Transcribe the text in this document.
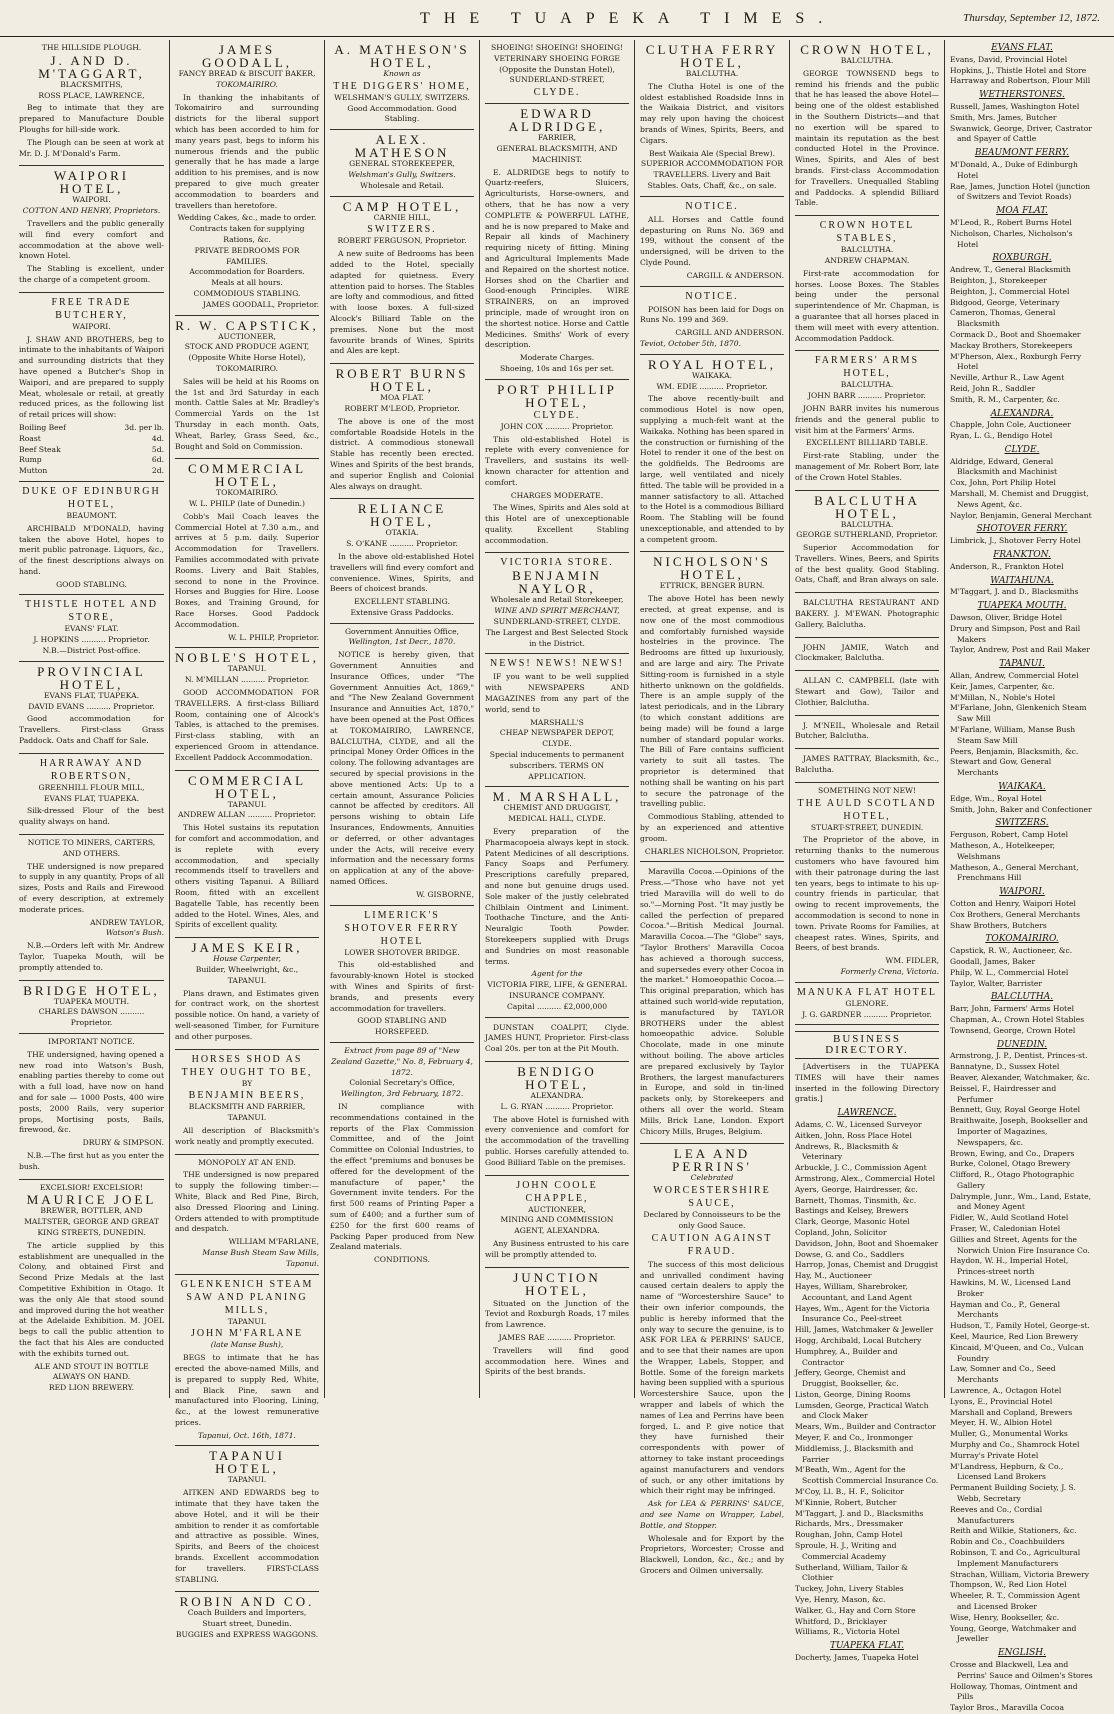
THE TUAPEKA TIMES.	Thursday, September 12, 1872.
THE HILLSIDE PLOUGH.
J. AND D. M'TAGGART,
BLACKSMITHS,
ROSS PLACE, LAWRENCE,
Beg to intimate that they are prepared to Manufacture Double Ploughs for hill-side work.
The Plough can be seen at work at Mr. D. J. M'Donald's Farm.
WAIPORI HOTEL,
WAIPORI.
COTTON AND HENRY, Proprietors.
Travellers and the public generally will find every comfort and accommodation at the above well-known Hotel.
The Stabling is excellent, under the charge of a competent groom.
FREE TRADE BUTCHERY,
WAIPORI.
J. SHAW AND BROTHERS, beg to intimate to the inhabitants of Waipori and surrounding districts that they have opened a Butcher's Shop in Waipori, and are prepared to supply Meat, wholesale or retail, at greatly reduced prices, as the following list of retail prices will show:
Boiling Beef	3d. per lb.
Roast	4d.
Beef Steak	5d.
Rump	6d.
Mutton	2d.
DUKE OF EDINBURGH HOTEL,
BEAUMONT.
ARCHIBALD M'DONALD, having taken the above Hotel, hopes to merit public patronage. Liquors, &c., of the finest descriptions always on hand.
GOOD STABLING.
THISTLE HOTEL AND STORE,
EVANS' FLAT.
J. HOPKINS .......... Proprietor.
N.B.—District Post-office.
PROVINCIAL HOTEL,
EVANS FLAT, TUAPEKA.
DAVID EVANS .......... Proprietor.
Good accommodation for Travellers. First-class Grass Paddock. Oats and Chaff for Sale.
HARRAWAY AND ROBERTSON,
GREENHILL FLOUR MILL,
EVANS FLAT, TUAPEKA.
Silk-dressed Flour of the best quality always on hand.
NOTICE TO MINERS, CARTERS, AND OTHERS.
THE undersigned is now prepared to supply in any quantity, Props of all sizes, Posts and Rails and Firewood of every description, at extremely moderate prices.
ANDREW TAYLOR,
Watson's Bush.
N.B.—Orders left with Mr. Andrew Taylor, Tuapeka Mouth, will be promptly attended to.
BRIDGE HOTEL,
TUAPEKA MOUTH.
CHARLES DAWSON .......... Proprietor.
IMPORTANT NOTICE.
THE undersigned, having opened a new road into Watson's Bush, enabling parties thereby to come out with a full load, have now on hand and for sale — 1000 Posts, 400 wire posts, 2000 Rails, very superior props, Mortising posts, Bails, firewood, &c.
DRURY & SIMPSON.
N.B.—The first hut as you enter the bush.
EXCELSIOR! EXCELSIOR!
MAURICE JOEL
BREWER, BOTTLER, AND MALTSTER, GEORGE AND GREAT KING STREETS, DUNEDIN.
The article supplied by this establishment are unequalled in the Colony, and obtained First and Second Prize Medals at the last Competitive Exhibition in Otago. It was the only Ale that stood sound and improved during the hot weather at the Adelaide Exhibition. M. JOEL begs to call the public attention to the fact that his Ales are conducted with the exhibits turned out.
ALE AND STOUT IN BOTTLE ALWAYS ON HAND.
RED LION BREWERY.
JAMES GOODALL,
FANCY BREAD & BISCUIT BAKER,
TOKOMAIRIRO.
In thanking the inhabitants of Tokomairiro and surrounding districts for the liberal support which has been accorded to him for many years past, begs to inform his numerous friends and the public generally that he has made a large addition to his premises, and is now prepared to give much greater accommodation to boarders and travellers than heretofore.
Wedding Cakes, &c., made to order.
Contracts taken for supplying Rations, &c.
PRIVATE BEDROOMS FOR FAMILIES.
Accommodation for Boarders.
Meals at all hours.
COMMODIOUS STABLING.
JAMES GOODALL, Proprietor.
R. W. CAPSTICK,
AUCTIONEER,
STOCK AND PRODUCE AGENT,
(Opposite White Horse Hotel), TOKOMAIRIRO.
Sales will be held at his Rooms on the 1st and 3rd Saturday in each month. Cattle Sales at Mr. Bradley's Commercial Yards on the 1st Thursday in each month. Oats, Wheat, Barley, Grass Seed, &c., Bought and Sold on Commission.
COMMERCIAL HOTEL,
TOKOMAIRIRO.
W. L. PHILP (late of Dunedin.)
Cobb's Mail Coach leaves the Commercial Hotel at 7.30 a.m., and arrives at 5 p.m. daily. Superior Accommodation for Travellers. Families accommodated with private Rooms. Livery and Bait Stables, second to none in the Province. Horses and Buggies for Hire. Loose Boxes, and Training Ground, for Race Horses. Good Paddock Accommodation.
W. L. PHILP, Proprietor.
NOBLE'S HOTEL,
TAPANUI.
N. M'MILLAN .......... Proprietor.
GOOD ACCOMMODATION FOR TRAVELLERS. A first-class Billiard Room, containing one of Alcock's Tables, is attached to the premises. First-class stabling, with an experienced Groom in attendance. Excellent Paddock Accommodation.
COMMERCIAL HOTEL,
TAPANUI.
ANDREW ALLAN .......... Proprietor.
This Hotel sustains its reputation for comfort and accommodation, and is replete with every accommodation, and specially recommends itself to travellers and others visiting Tapanui. A Billiard Room, fitted with an excellent Bagatelle Table, has recently been added to the Hotel. Wines, Ales, and Spirits of excellent quality.
JAMES KEIR,
House Carpenter,
Builder, Wheelwright, &c.,
TAPANUI.
Plans drawn, and Estimates given for contract work, on the shortest possible notice. On hand, a variety of well-seasoned Timber, for Furniture and other purposes.
HORSES SHOD AS THEY OUGHT TO BE,
BY
BENJAMIN BEERS,
BLACKSMITH AND FARRIER, TAPANUI.
All description of Blacksmith's work neatly and promptly executed.
MONOPOLY AT AN END.
THE undersigned is now prepared to supply the following timber:— White, Black and Red Pine, Birch, also Dressed Flooring and Lining. Orders attended to with promptitude and despatch.
WILLIAM M'FARLANE,
Manse Bush Steam Saw Mills, Tapanui.
GLENKENICH STEAM SAW AND PLANING MILLS,
TAPANUI.
JOHN M'FARLANE
(late Manse Bush),
BEGS to intimate that he has erected the above-named Mills, and is prepared to supply Red, White, and Black Pine, sawn and manufactured into Flooring, Lining, &c., at the lowest remunerative prices.
Tapanui, Oct. 16th, 1871.
TAPANUI HOTEL,
TAPANUI.
AITKEN AND EDWARDS beg to intimate that they have taken the above Hotel, and it will be their ambition to render it as comfortable and attractive as possible. Wines, Spirits, and Beers of the choicest brands. Excellent accommodation for travellers. FIRST-CLASS STABLING.
ROBIN AND CO.
Coach Builders and Importers, Stuart street, Dunedin.
BUGGIES and EXPRESS WAGGONS.
A. MATHESON'S HOTEL,
Known as
THE DIGGERS' HOME,
WELSHMAN'S GULLY, SWITZERS.
Good Accommodation. Good Stabling.
ALEX. MATHESON
GENERAL STOREKEEPER,
Welshman's Gully, Switzers.
Wholesale and Retail.
CAMP HOTEL,
CARNIE HILL,
SWITZERS.
ROBERT FERGUSON, Proprietor.
A new suite of Bedrooms has been added to the Hotel, specially adapted for quietness. Every attention paid to horses. The Stables are lofty and commodious, and fitted with loose boxes. A full-sized Alcock's Billiard Table on the premises. None but the most favourite brands of Wines, Spirits and Ales are kept.
ROBERT BURNS HOTEL,
MOA FLAT.
ROBERT M'LEOD, Proprietor.
The above is one of the most comfortable Roadside Hotels in the district. A commodious stonewall Stable has recently been erected. Wines and Spirits of the best brands, and superior English and Colonial Ales always on draught.
RELIANCE HOTEL,
OTAKIA.
S. O'KANE .......... Proprietor.
In the above old-established Hotel travellers will find every comfort and convenience. Wines, Spirits, and Beers of choicest brands.
EXCELLENT STABLING.
Extensive Grass Paddocks.
Government Annuities Office,
Wellington, 1st Decr., 1870.
NOTICE is hereby given, that Government Annuities and Insurance Offices, under "The Government Annuities Act, 1869," and "The New Zealand Government Insurance and Annuities Act, 1870," have been opened at the Post Offices at TOKOMAIRIRO, LAWRENCE, BALCLUTHA, CLYDE, and all the principal Money Order Offices in the colony. The following advantages are secured by special provisions in the above mentioned Acts: Up to a certain amount, Assurance Policies cannot be affected by creditors. All persons wishing to obtain Life Insurances, Endowments, Annuities or deferred, or other advantages under the Acts, will receive every information and the necessary forms on application at any of the above-named Offices.
W. GISBORNE,
LIMERICK'S SHOTOVER FERRY HOTEL
LOWER SHOTOVER BRIDGE.
This old-established and favourably-known Hotel is stocked with Wines and Spirits of first-brands, and presents every accommodation for travellers.
GOOD STABLING AND HORSEFEED.
Extract from page 89 of "New Zealand Gazette," No. 8, February 4, 1872.
Colonial Secretary's Office,
Wellington, 3rd February, 1872.
IN compliance with recommendations contained in the reports of the Flax Commission Committee, and of the Joint Committee on Colonial Industries, to the effect "premiums and bonuses be offered for the development of the manufacture of paper," the Government invite tenders. For the first 500 reams of Printing Paper a sum of £400; and a further sum of £250 for the first 600 reams of Packing Paper produced from New Zealand materials.
CONDITIONS.
SHOEING! SHOEING! SHOEING!
VETERINARY SHOEING FORGE
(Opposite the Dunstan Hotel),
SUNDERLAND-STREET,
CLYDE.
EDWARD ALDRIDGE,
FARRIER,
GENERAL BLACKSMITH, AND MACHINIST.
E. ALDRIDGE begs to notify to Quartz-reefers, Sluicers, Agriculturists, Horse-owners, and others, that he has now a very COMPLETE & POWERFUL LATHE, and he is now prepared to Make and Repair all kinds of Machinery requiring nicety of fitting. Mining and Agricultural Implements Made and Repaired on the shortest notice. Horses shod on the Charlier and Good-enough Principles. WIRE STRAINERS, on an improved principle, made of wrought iron on the shortest notice. Horse and Cattle Medicines. Smiths' Work of every description.
Moderate Charges.
Shoeing, 10s and 16s per set.
PORT PHILLIP HOTEL,
CLYDE.
JOHN COX .......... Proprietor.
This old-established Hotel is replete with every convenience for Travellers, and sustains its well-known character for attention and comfort.
CHARGES MODERATE.
The Wines, Spirits and Ales sold at this Hotel are of unexceptionable quality. Excellent Stabling accommodation.
VICTORIA STORE.
BENJAMIN NAYLOR,
Wholesale and Retail Storekeeper,
WINE AND SPIRIT MERCHANT,
SUNDERLAND-STREET, CLYDE.
The Largest and Best Selected Stock in the District.
NEWS! NEWS! NEWS!
IF you want to be well supplied with NEWSPAPERS AND MAGAZINES from any part of the world, send to
MARSHALL'S
CHEAP NEWSPAPER DEPOT, CLYDE.
Special inducements to permanent subscribers. TERMS ON APPLICATION.
M. MARSHALL,
CHEMIST AND DRUGGIST,
MEDICAL HALL, CLYDE.
Every preparation of the Pharmacopoeia always kept in stock. Patent Medicines of all descriptions. Fancy Soaps and Perfumery. Prescriptions carefully prepared, and none but genuine drugs used. Sole maker of the justly celebrated Chilblain Ointment and Liniment. Toothache Tincture, and the Anti-Neuralgic Tooth Powder. Storekeepers supplied with Drugs and Sundries on most reasonable terms.
Agent for the
VICTORIA FIRE, LIFE, & GENERAL INSURANCE COMPANY.
Capital .......... £2,000,000
DUNSTAN COALPIT, Clyde. JAMES HUNT, Proprietor. First-class Coal 20s. per ton at the Pit Mouth.
BENDIGO HOTEL,
ALEXANDRA.
L. G. RYAN .......... Proprietor.
The above Hotel is furnished with every convenience and comfort for the accommodation of the travelling public. Horses carefully attended to. Good Billiard Table on the premises.
JOHN COOLE CHAPPLE,
AUCTIONEER,
MINING AND COMMISSION AGENT, ALEXANDRA.
Any Business entrusted to his care will be promptly attended to.
JUNCTION HOTEL,
Situated on the Junction of the Teviot and Roxburgh Roads, 17 miles from Lawrence.
JAMES RAE .......... Proprietor.
Travellers will find good accommodation here. Wines and Spirits of the best brands.
CLUTHA FERRY HOTEL,
BALCLUTHA.
The Clutha Hotel is one of the oldest established Roadside Inns in the Waikaia District, and visitors may rely upon having the choicest brands of Wines, Spirits, Beers, and Cigars.
Best Waikaia Ale (Special Brew).
SUPERIOR ACCOMMODATION FOR TRAVELLERS. Livery and Bait Stables. Oats, Chaff, &c., on sale.
NOTICE.
ALL Horses and Cattle found depasturing on Runs No. 369 and 199, without the consent of the undersigned, will be driven to the Clyde Pound.
CARGILL & ANDERSON.
NOTICE.
POISON has been laid for Dogs on Runs No. 199 and 369.
CARGILL AND ANDERSON.
Teviot, October 5th, 1870.
ROYAL HOTEL,
WAIKAKA.
WM. EDIE .......... Proprietor.
The above recently-built and commodious Hotel is now open, supplying a much-felt want at the Waikaka. Nothing has been spared in the construction or furnishing of the Hotel to render it one of the best on the goldfields. The Bedrooms are large, well ventilated and nicely fitted. The table will be provided in a manner satisfactory to all. Attached to the Hotel is a commodious Billiard Room. The Stabling will be found unexceptionable, and attended to by a competent groom.
NICHOLSON'S HOTEL,
ETTRICK, BENGER BURN.
The above Hotel has been newly erected, at great expense, and is now one of the most commodious and comfortably furnished wayside hostelries in the province. The Bedrooms are fitted up luxuriously, and are large and airy. The Private Sitting-room is furnished in a style hitherto unknown on the goldfields. There is an ample supply of the latest periodicals, and in the Library (to which constant additions are being made) will be found a large number of standard popular works. The Bill of Fare contains sufficient variety to suit all tastes. The proprietor is determined that nothing shall be wanting on his part to secure the patronage of the travelling public.
Commodious Stabling, attended to by an experienced and attentive groom.
CHARLES NICHOLSON, Proprietor.
Maravilla Cocoa.—Opinions of the Press.—"Those who have not yet tried Maravilla will do well to do so."—Morning Post. "It may justly be called the perfection of prepared Cocoa."—British Medical Journal. Maravilla Cocoa.—The "Globe" says, "Taylor Brothers' Maravilla Cocoa has achieved a thorough success, and supersedes every other Cocoa in the market." Homoeopathic Cocoa.—This original preparation, which has attained such world-wide reputation, is manufactured by TAYLOR BROTHERS under the ablest homoeopathic advice. Soluble Chocolate, made in one minute without boiling. The above articles are prepared exclusively by Taylor Brothers, the largest manufacturers in Europe, and sold in tin-lined packets only, by Storekeepers and others all over the world. Steam Mills, Brick Lane, London. Export Chicory Mills, Bruges, Belgium.
LEA AND PERRINS'
Celebrated
WORCESTERSHIRE SAUCE,
Declared by Connoisseurs to be the only Good Sauce.
CAUTION AGAINST FRAUD.
The success of this most delicious and unrivalled condiment having caused certain dealers to apply the name of "Worcestershire Sauce" to their own inferior compounds, the public is hereby informed that the only way to secure the genuine, is to ASK FOR LEA & PERRINS' SAUCE, and to see that their names are upon the Wrapper, Labels, Stopper, and Bottle. Some of the foreign markets having been supplied with a spurious Worcestershire Sauce, upon the wrapper and labels of which the names of Lea and Perrins have been forged, L. and P. give notice that they have furnished their correspondents with power of attorney to take instant proceedings against manufacturers and vendors of such, or any other imitations by which their right may be infringed.
Ask for LEA & PERRINS' SAUCE, and see Name on Wrapper, Label, Bottle, and Stopper.
Wholesale and for Export by the Proprietors, Worcester; Crosse and Blackwell, London, &c., &c.; and by Grocers and Oilmen universally.
CROWN HOTEL,
BALCLUTHA.
GEORGE TOWNSEND begs to remind his friends and the public that he has leased the above Hotel—being one of the oldest established in the Southern Districts—and that no exertion will be spared to maintain its reputation as the best conducted Hotel in the Province. Wines, Spirits, and Ales of best brands. First-class Accommodation for Travellers. Unequalled Stabling and Paddocks. A splendid Billiard Table.
CROWN HOTEL STABLES,
BALCLUTHA.
ANDREW CHAPMAN.
First-rate accommodation for horses. Loose Boxes. The Stables being under the personal superintendence of Mr. Chapman, is a guarantee that all horses placed in them will meet with every attention. Accommodation Paddock.
FARMERS' ARMS HOTEL,
BALCLUTHA.
JOHN BARR .......... Proprietor.
JOHN BARR invites his numerous friends and the general public to visit him at the Farmers' Arms.
EXCELLENT BILLIARD TABLE.
First-rate Stabling, under the management of Mr. Robert Borr, late of the Crown Hotel Stables.
BALCLUTHA HOTEL,
BALCLUTHA.
GEORGE SUTHERLAND, Proprietor.
Superior Accommodation for Travellers. Wines, Beers, and Spirits of the best quality. Good Stabling. Oats, Chaff, and Bran always on sale.
BALCLUTHA RESTAURANT AND BAKERY. J. M'EWAN. Photographic Gallery, Balclutha.
JOHN JAMIE, Watch and Clockmaker, Balclutha.
ALLAN C. CAMPBELL (late with Stewart and Gow), Tailor and Clothier, Balclutha.
J. M'NEIL, Wholesale and Retail Butcher, Balclutha.
JAMES RATTRAY, Blacksmith, &c., Balclutha.
SOMETHING NOT NEW!
THE AULD SCOTLAND HOTEL,
STUART-STREET, DUNEDIN.
The Proprietor of the above, in returning thanks to the numerous customers who have favoured him with their patronage during the last ten years, begs to intimate to his up-country friends in particular, that owing to recent improvements, the accommodation is second to none in town. Private Rooms for Families, at cheapest rates. Wines, Spirits, and Beers, of best brands.
WM. FIDLER,
Formerly Crena, Victoria.
MANUKA FLAT HOTEL
GLENORE.
J. G. GARDNER .......... Proprietor.
BUSINESS DIRECTORY.
[Advertisers in the TUAPEKA TIMES will have their names inserted in the following Directory gratis.]
LAWRENCE.

Adams, C. W., Licensed Surveyor

Aitken, John, Ross Place Hotel

Andrews, R., Blacksmith & Veterinary

Arbuckle, J. C., Commission Agent

Armstrong, Alex., Commercial Hotel

Ayers, George, Hairdresser, &c.

Barnett, Thomas, Tinsmith, &c.

Bastings and Kelsey, Brewers

Clark, George, Masonic Hotel

Copland, John, Solicitor

Davidson, John, Boot and Shoemaker

Dowse, G. and Co., Saddlers

Harrop, Jonas, Chemist and Druggist

Hay, M., Auctioneer

Hayes, William, Sharebroker, Accountant, and Land Agent

Hayes, Wm., Agent for the Victoria Insurance Co., Peel-street

Hill, James, Watchmaker & Jeweller

Hogg, Archibald, Local Butchery

Humphrey, A., Builder and Contractor

Jeffery, George, Chemist and Druggist, Bookseller, &c.

Liston, George, Dining Rooms

Lumsden, George, Practical Watch and Clock Maker

Mears, Wm., Builder and Contractor

Meyer, F. and Co., Ironmonger

Middlemiss, J., Blacksmith and Farrier

M'Beath, Wm., Agent for the Scottish Commercial Insurance Co.

M'Coy, Ll. B., H. F., Solicitor

M'Kinnie, Robert, Butcher

M'Taggart, J. and D., Blacksmiths

Richards, Mrs., Dressmaker

Roughan, John, Camp Hotel

Sproule, H. J., Writing and Commercial Academy

Sutherland, William, Tailor & Clothier

Tuckey, John, Livery Stables

Vye, Henry, Mason, &c.

Walker, G., Hay and Corn Store

Whitford, D., Bricklayer

Williams, R., Victoria Hotel

TUAPEKA FLAT.

Docherty, James, Tuapeka Hotel

EVANS FLAT.

Evans, David, Provincial Hotel

Hopkins, J., Thistle Hotel and Store

Harraway and Robertson, Flour Mill

WETHERSTONES.

Russell, James, Washington Hotel

Smith, Mrs. James, Butcher

Swanwick, George, Driver, Castrator and Spayer of Cattle

BEAUMONT FERRY.

M'Donald, A., Duke of Edinburgh Hotel

Rae, James, Junction Hotel (junction of Switzers and Teviot Roads)

MOA FLAT.

M'Leod, R., Robert Burns Hotel

Nicholson, Charles, Nicholson's Hotel

ROXBURGH.

Andrew, T., General Blacksmith

Beighton, J., Storekeeper

Beighton, J., Commercial Hotel

Bidgood, George, Veterinary

Cameron, Thomas, General Blacksmith

Cormack D., Boot and Shoemaker

Mackay Brothers, Storekeepers

M'Pherson, Alex., Roxburgh Ferry Hotel

Neville, Arthur R., Law Agent

Reid, John R., Saddler

Smith, R. M., Carpenter, &c.

ALEXANDRA.

Chapple, John Cole, Auctioneer

Ryan, L. G., Bendigo Hotel

CLYDE.

Aldridge, Edward, General Blacksmith and Machinist

Cox, John, Port Philip Hotel

Marshall, M. Chemist and Druggist, News Agent, &c.

Naylor, Benjamin, General Merchant

SHOTOVER FERRY.

Limbrick, J., Shotover Ferry Hotel

FRANKTON.

Anderson, R., Frankton Hotel

WAITAHUNA.

M'Taggart, J. and D., Blacksmiths

TUAPEKA MOUTH.

Dawson, Oliver, Bridge Hotel

Drury and Simpson, Post and Rail Makers

Taylor, Andrew, Post and Rail Maker

TAPANUI.

Allan, Andrew, Commercial Hotel

Keir, James, Carpenter, &c.

M'Millan, N., Noble's Hotel

M'Farlane, John, Glenkenich Steam Saw Mill

M'Farlane, William, Manse Bush Steam Saw Mill

Peers, Benjamin, Blacksmith, &c.

Stewart and Gow, General Merchants

WAIKAKA.

Edge, Wm., Royal Hotel

Smith, John, Baker and Confectioner

SWITZERS.

Ferguson, Robert, Camp Hotel

Matheson, A., Hotelkeeper, Welshmans

Matheson, A., General Merchant, Frenchmans Hill

WAIPORI.

Cotton and Henry, Waipori Hotel

Cox Brothers, General Merchants

Shaw Brothers, Butchers

TOKOMAIRIRO.

Capstick, R. W., Auctioneer, &c.

Goodall, James, Baker

Philp, W. L., Commercial Hotel

Taylor, Walter, Barrister

BALCLUTHA.

Barr, John, Farmers' Arms Hotel

Chapman, A., Crown Hotel Stables

Townsend, George, Crown Hotel

DUNEDIN.

Armstrong, J. P., Dentist, Princes-st.

Bannatyne, D., Sussex Hotel

Beaver, Alexander, Watchmaker, &c.

Beissel, F., Hairdresser and Perfumer

Bennett, Guy, Royal George Hotel

Braithwaite, Joseph, Bookseller and Importer of Magazines, Newspapers, &c.

Brown, Ewing, and Co., Drapers

Burke, Colonel, Otago Brewery

Clifford, R., Otago Photographic Gallery

Dalrymple, Junr., Wm., Land, Estate, and Money Agent

Fidler, W., Auld Scotland Hotel

Fraser, W., Caledonian Hotel

Gillies and Street, Agents for the Norwich Union Fire Insurance Co.

Haydon, W. H., Imperial Hotel, Princes-street north

Hawkins, M. W., Licensed Land Broker

Hayman and Co., P., General Merchants

Hudson, T., Family Hotel, George-st.

Keel, Maurice, Red Lion Brewery

Kincaid, M'Queen, and Co., Vulcan Foundry

Law, Somner and Co., Seed Merchants

Lawrence, A., Octagon Hotel

Lyons, E., Provincial Hotel

Marshall and Copland, Brewers

Meyer, H. W., Albion Hotel

Muller, G., Monumental Works

Murphy and Co., Shamrock Hotel

Murray's Private Hotel

M'Landress, Hepburn, & Co., Licensed Land Brokers

Permanent Building Society, J. S. Webb, Secretary

Reeves and Co., Cordial Manufacturers

Reith and Wilkie, Stationers, &c.

Robin and Co., Coachbuilders

Robinson, T. and Co., Agricultural Implement Manufacturers

Strachan, William, Victoria Brewery

Thompson, W., Red Lion Hotel

Wheeler, R. T., Commission Agent and Licensed Broker

Wise, Henry, Bookseller, &c.

Young, George, Watchmaker and Jeweller

ENGLISH.

Crosse and Blackwell, Lea and Perrins' Sauce and Oilmen's Stores

Holloway, Thomas, Ointment and Pills

Taylor Bros., Maravilla Cocoa
